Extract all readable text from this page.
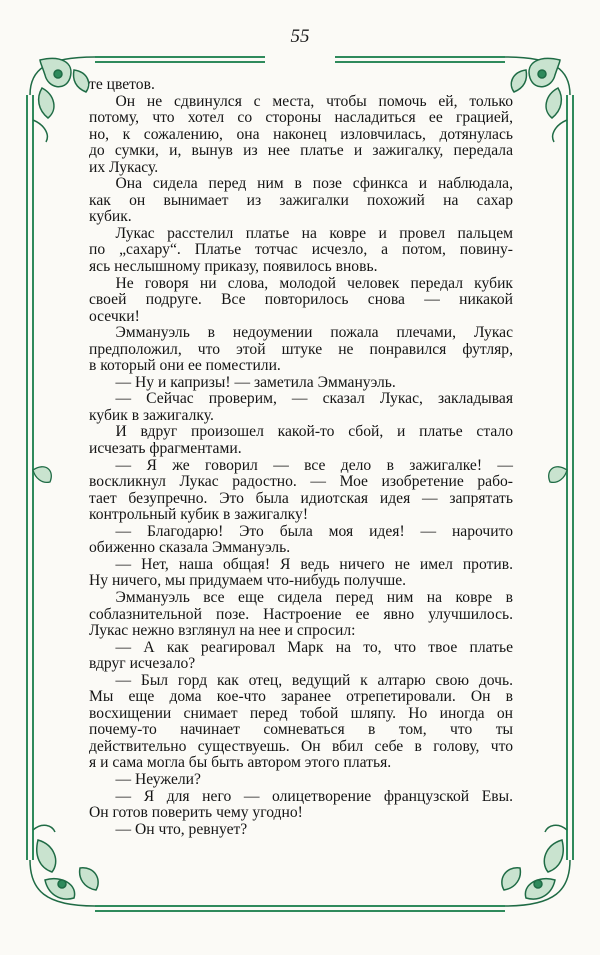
55

те цветов.

Он не сдвинулся с места, чтобы помочь ей, только
потому, что хотел со стороны насладиться ее грацией,
но, к сожалению, она наконец изловчилась, дотянулась
до сумки, и, вынув из нее платье и зажигалку, передала
их Лукасу.

Она сидела перед ним в позе сфинкса и наблюдала,
как он вынимает из зажигалки похожий на сахар
кубик.

Лукас расстелил платье на ковре и провел пальцем
по „сахару“. Платье тотчас исчезло, а потом, повину-
ясь неслышному приказу, появилось вновь.

Не говоря ни слова, молодой человек передал кубик
своей подруге. Все повторилось снова — никакой
осечки!

Эммануэль в недоумении пожала плечами, Лукас
предположил, что этой штуке не понравился футляр,
в который они ее поместили.

— Ну и капризы! — заметила Эммануэль.

— Сейчас проверим, — сказал Лукас, закладывая
кубик в зажигалку.

И вдруг произошел какой-то сбой, и платье стало
исчезать фрагментами.

— Я же говорил — все дело в зажигалке! —
воскликнул Лукас радостно. — Мое изобретение рабо-
тает безупречно. Это была идиотская идея — запрятать
контрольный кубик в зажигалку!

— Благодарю! Это была моя идея! — нарочито
обиженно сказала Эммануэль.

— Нет, наша общая! Я ведь ничего не имел против.
Ну ничего, мы придумаем что-нибудь получше.

Эммануэль все еще сидела перед ним на ковре в
соблазнительной позе. Настроение ее явно улучшилось.
Лукас нежно взглянул на нее и спросил:

— А как реагировал Марк на то, что твое платье
вдруг исчезало?

— Был горд как отец, ведущий к алтарю свою дочь.
Мы еще дома кое-что заранее отрепетировали. Он в
восхищении снимает перед тобой шляпу. Но иногда он
почему-то начинает сомневаться в том, что ты
действительно существуешь. Он вбил себе в голову, что
я и сама могла бы быть автором этого платья.

— Неужели?

— Я для него — олицетворение французской Евы.
Он готов поверить чему угодно!

— Он что, ревнует?
